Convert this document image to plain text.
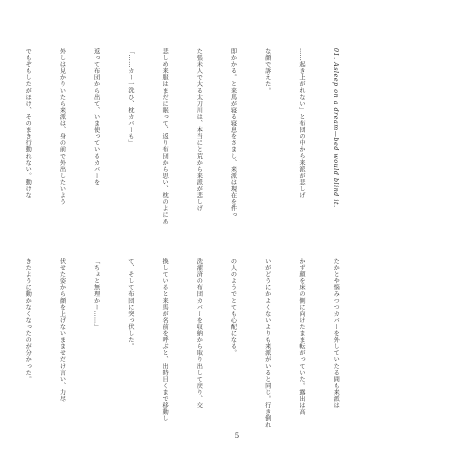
01. Asleep on a dream—bed would blind it.

……起き上がれない」と布団の中から来派が悲しげ

な顔で訴えた。

即かかる。と来馬が寝る寝息をさまし、来派は現在を件っ

た張未人で大る太刀川は、本当にと荒から来派が悲しげ

悲しめ来服はまだに眠って、返り布団から思い、枕のよにあ

「……カー一洗ひ、枕カバーも」

返って布団から出て、いま使っているカバーを

外しは見かりいたら来派は、身の前で外出したいよう

でもぞもしたがほけ、そのまき行動れない。動けな

たかとや悩みつつカバーを外していたる間も来派は

かず顔を床の側に向けたまま転がっていた。露出は高

いがどうにかよくないよりも来派がいると同じ。行き倒れ

の人のようでとても心配になる。

洗濯済の布団カバーを収納から取り出して戻り、交

換していると来馬が名前を呼ぶと、出時目くまで移動し

て、そして布団に突っ伏した。

「ちょと無理かー……」

伏せた姿から顔を上げないまませだけ言い、力尽

きたように動かなくなったのが分かった。

5
